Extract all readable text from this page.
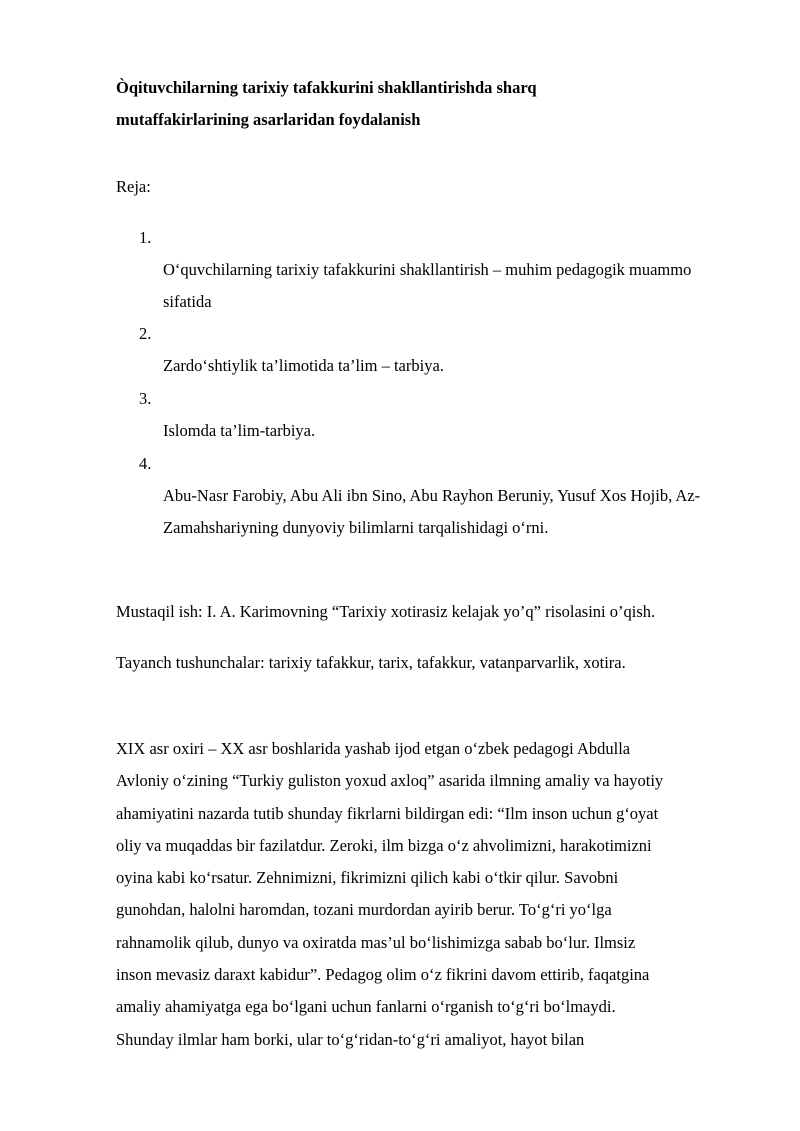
Òqituvchilarning tarixiy tafakkurini shakllantirishda sharq
mutaffakirlarining asarlaridan foydalanish
Reja:
1.
O‘quvchilarning tarixiy tafakkurini shakllantirish – muhim pedagogik muammo sifatida
2.
Zardo‘shtiylik ta’limotida ta’lim – tarbiya.
3.
Islomda ta’lim-tarbiya.
4.
Abu-Nasr Farobiy, Abu Ali ibn Sino, Abu Rayhon Beruniy, Yusuf Xos Hojib, Az-Zamahshariyning dunyoviy bilimlarni tarqalishidagi o‘rni.
Mustaqil ish: I. A. Karimovning “Tarixiy xotirasiz kelajak yo’q” risolasini o’qish.
Tayanch tushunchalar: tarixiy tafakkur, tarix, tafakkur, vatanparvarlik, xotira.
XIX asr oxiri – XX asr boshlarida yashab ijod etgan o‘zbek pedagogi Abdulla
Avloniy o‘zining “Turkiy guliston yoxud axloq” asarida ilmning amaliy va hayotiy
ahamiyatini nazarda tutib shunday fikrlarni bildirgan edi: “Ilm inson uchun g‘oyat
oliy va muqaddas bir fazilatdur. Zeroki, ilm bizga o‘z ahvolimizni, harakotimizni
oyina kabi ko‘rsatur. Zehnimizni, fikrimizni qilich kabi o‘tkir qilur. Savobni
gunohdan, halolni haromdan, tozani murdordan ayirib berur. To‘g‘ri yo‘lga
rahnamolik qilub, dunyo va oxiratda mas’ul bo‘lishimizga sabab bo‘lur. Ilmsiz
inson mevasiz daraxt kabidur”. Pedagog olim o‘z fikrini davom ettirib, faqatgina
amaliy ahamiyatga ega bo‘lgani uchun fanlarni o‘rganish to‘g‘ri bo‘lmaydi.
Shunday ilmlar ham borki, ular to‘g‘ridan-to‘g‘ri amaliyot, hayot bilan
